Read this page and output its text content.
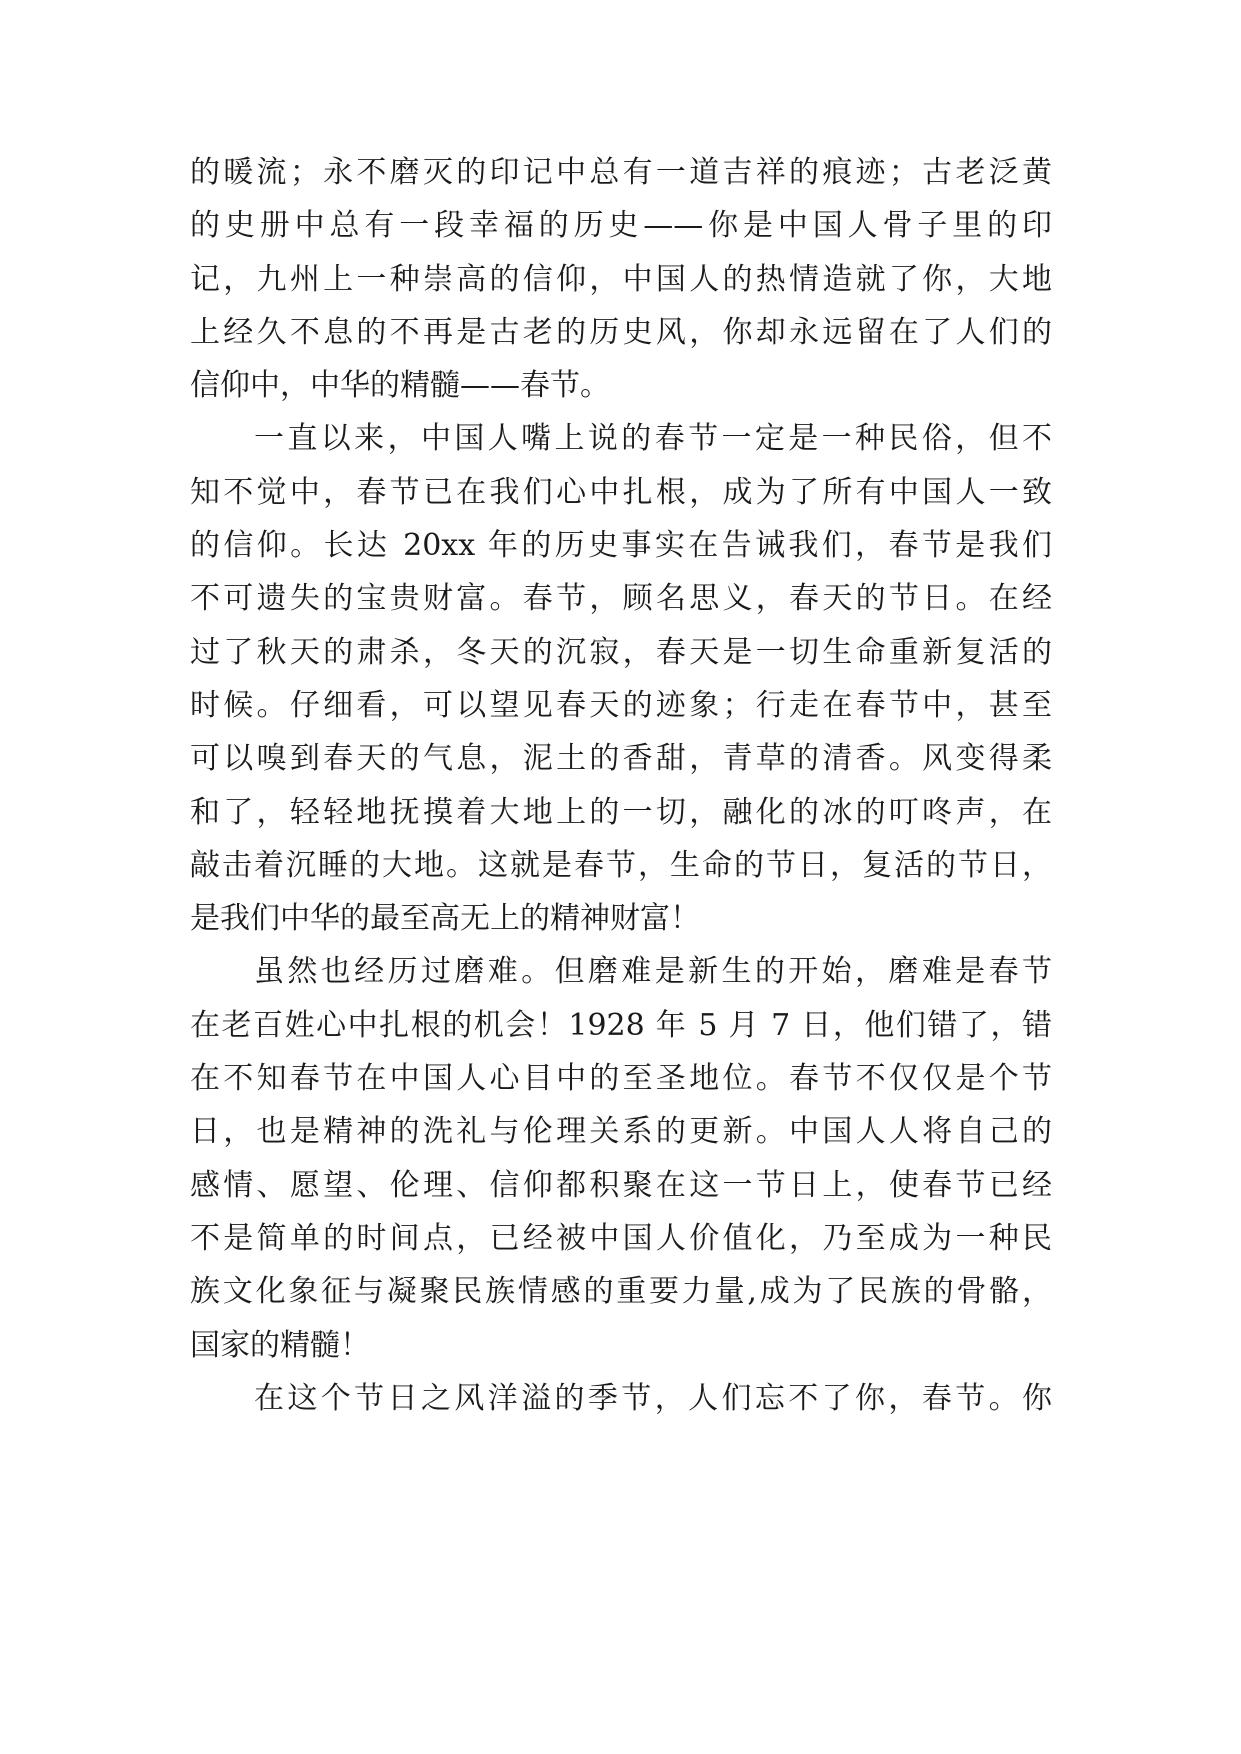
的暖流；永不磨灭的印记中总有一道吉祥的痕迹；古老泛黄
的史册中总有一段幸福的历史——你是中国人骨子里的印
记，九州上一种崇高的信仰，中国人的热情造就了你，大地
上经久不息的不再是古老的历史风，你却永远留在了人们的
信仰中，中华的精髓——春节。
一直以来，中国人嘴上说的春节一定是一种民俗，但不
知不觉中，春节已在我们心中扎根，成为了所有中国人一致
的信仰。长达 20xx 年的历史事实在告诫我们，春节是我们
不可遗失的宝贵财富。春节，顾名思义，春天的节日。在经
过了秋天的肃杀，冬天的沉寂，春天是一切生命重新复活的
时候。仔细看，可以望见春天的迹象；行走在春节中，甚至
可以嗅到春天的气息，泥土的香甜，青草的清香。风变得柔
和了，轻轻地抚摸着大地上的一切，融化的冰的叮咚声，在
敲击着沉睡的大地。这就是春节，生命的节日，复活的节日，
是我们中华的最至高无上的精神财富！
虽然也经历过磨难。但磨难是新生的开始，磨难是春节
在老百姓心中扎根的机会！1928 年 5 月 7 日，他们错了，错
在不知春节在中国人心目中的至圣地位。春节不仅仅是个节
日，也是精神的洗礼与伦理关系的更新。中国人人将自己的
感情、愿望、伦理、信仰都积聚在这一节日上，使春节已经
不是简单的时间点，已经被中国人价值化，乃至成为一种民
族文化象征与凝聚民族情感的重要力量,成为了民族的骨骼，
国家的精髓！
在这个节日之风洋溢的季节，人们忘不了你，春节。你
